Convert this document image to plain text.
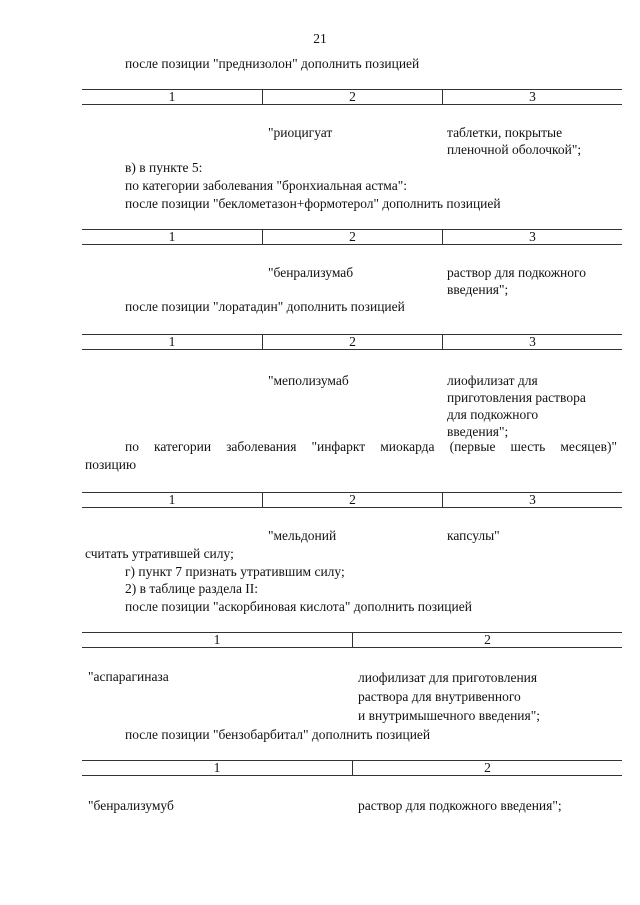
21
после позиции "преднизолон" дополнить позицией
1	2	3
"риоцигуат	таблетки, покрытые
пленочной оболочкой";
в) в пункте 5:
по категории заболевания "бронхиальная астма":
после позиции "беклометазон+формотерол" дополнить позицией
1	2	3
"бенрализумаб	раствор для подкожного
введения";
после позиции "лоратадин" дополнить позицией
1	2	3
"меполизумаб	лиофилизат для
приготовления раствора
для подкожного
введения";
по категории заболевания "инфаркт миокарда (первые шесть месяцев)"
позицию
1	2	3
"мельдоний	капсулы"
считать утратившей силу;
г) пункт 7 признать утратившим силу;
2) в таблице раздела II:
после позиции "аскорбиновая кислота" дополнить позицией
1	2
"аспарагиназа	лиофилизат для приготовления
раствора для внутривенного
и внутримышечного введения";
после позиции "бензобарбитал" дополнить позицией
1	2
"бенрализумуб	раствор для подкожного введения";
